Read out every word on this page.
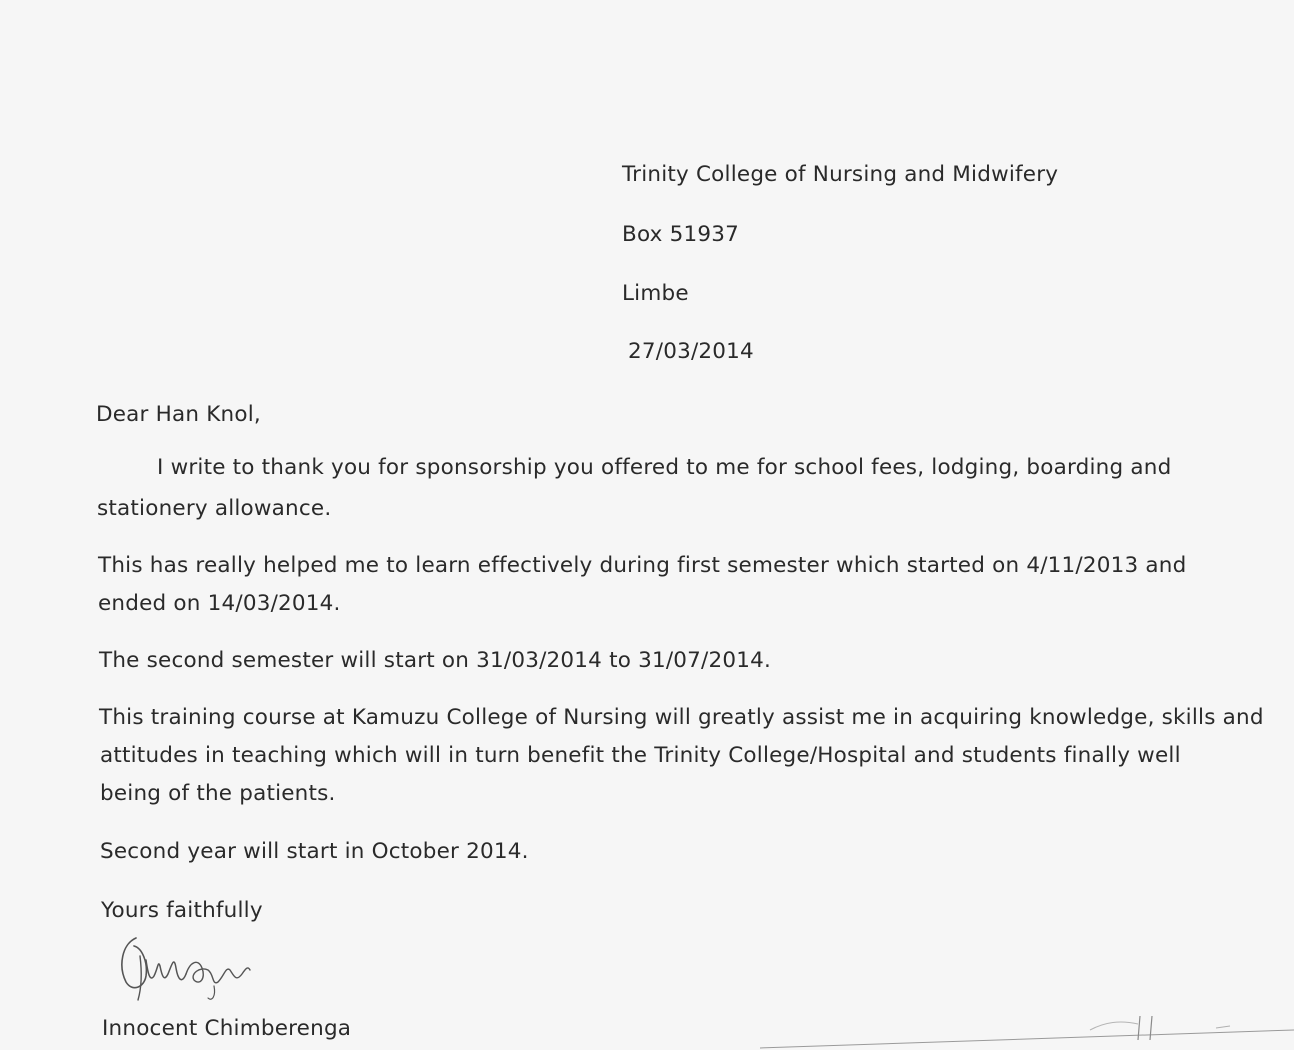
Trinity College of Nursing and Midwifery
Box 51937
Limbe
27/03/2014
Dear Han Knol,
I write to thank you for sponsorship you offered to me for school fees, lodging, boarding and
stationery allowance.
This has really helped me to learn effectively during first semester which started on 4/11/2013 and
ended on 14/03/2014.
The second semester will start on 31/03/2014 to 31/07/2014.
This training course at Kamuzu College of Nursing will greatly assist me in acquiring knowledge, skills and
attitudes in teaching which will in turn benefit the Trinity College/Hospital and students finally well
being of the patients.
Second year will start in October 2014.
Yours faithfully
Innocent Chimberenga
